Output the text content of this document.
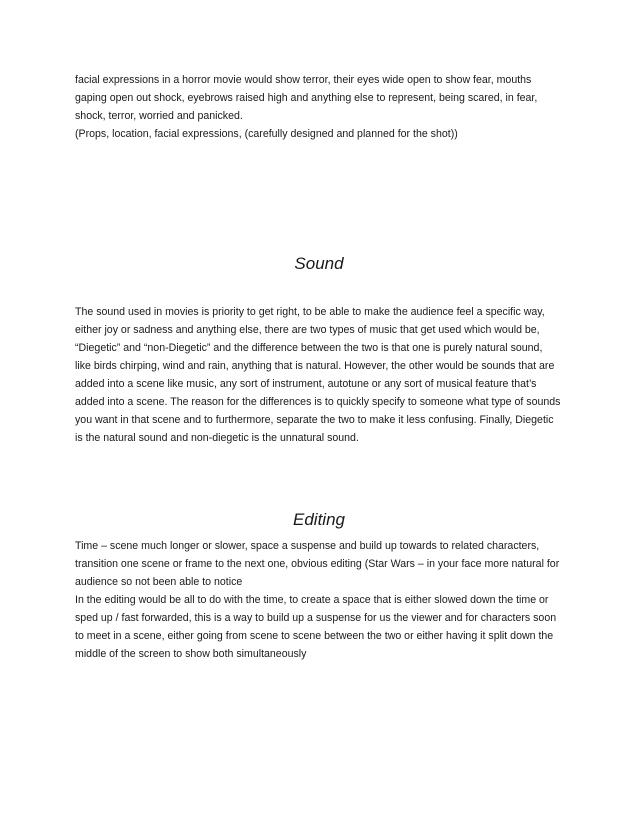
facial expressions in a horror movie would show terror, their eyes wide open to show fear, mouths
gaping open out shock, eyebrows raised high and anything else to represent, being scared, in fear,
shock, terror, worried and panicked.

(Props, location, facial expressions, (carefully designed and planned for the shot))

Sound

The sound used in movies is priority to get right, to be able to make the audience feel a specific way,
either joy or sadness and anything else, there are two types of music that get used which would be,
“Diegetic” and “non-Diegetic” and the difference between the two is that one is purely natural sound,
like birds chirping, wind and rain, anything that is natural. However, the other would be sounds that are
added into a scene like music, any sort of instrument, autotune or any sort of musical feature that’s
added into a scene. The reason for the differences is to quickly specify to someone what type of sounds
you want in that scene and to furthermore, separate the two to make it less confusing. Finally, Diegetic
is the natural sound and non-diegetic is the unnatural sound.

Editing

Time – scene much longer or slower, space a suspense and build up towards to related characters,
transition one scene or frame to the next one, obvious editing (Star Wars – in your face more natural for
audience so not been able to notice

In the editing would be all to do with the time, to create a space that is either slowed down the time or
sped up / fast forwarded, this is a way to build up a suspense for us the viewer and for characters soon
to meet in a scene, either going from scene to scene between the two or either having it split down the
middle of the screen to show both simultaneously
